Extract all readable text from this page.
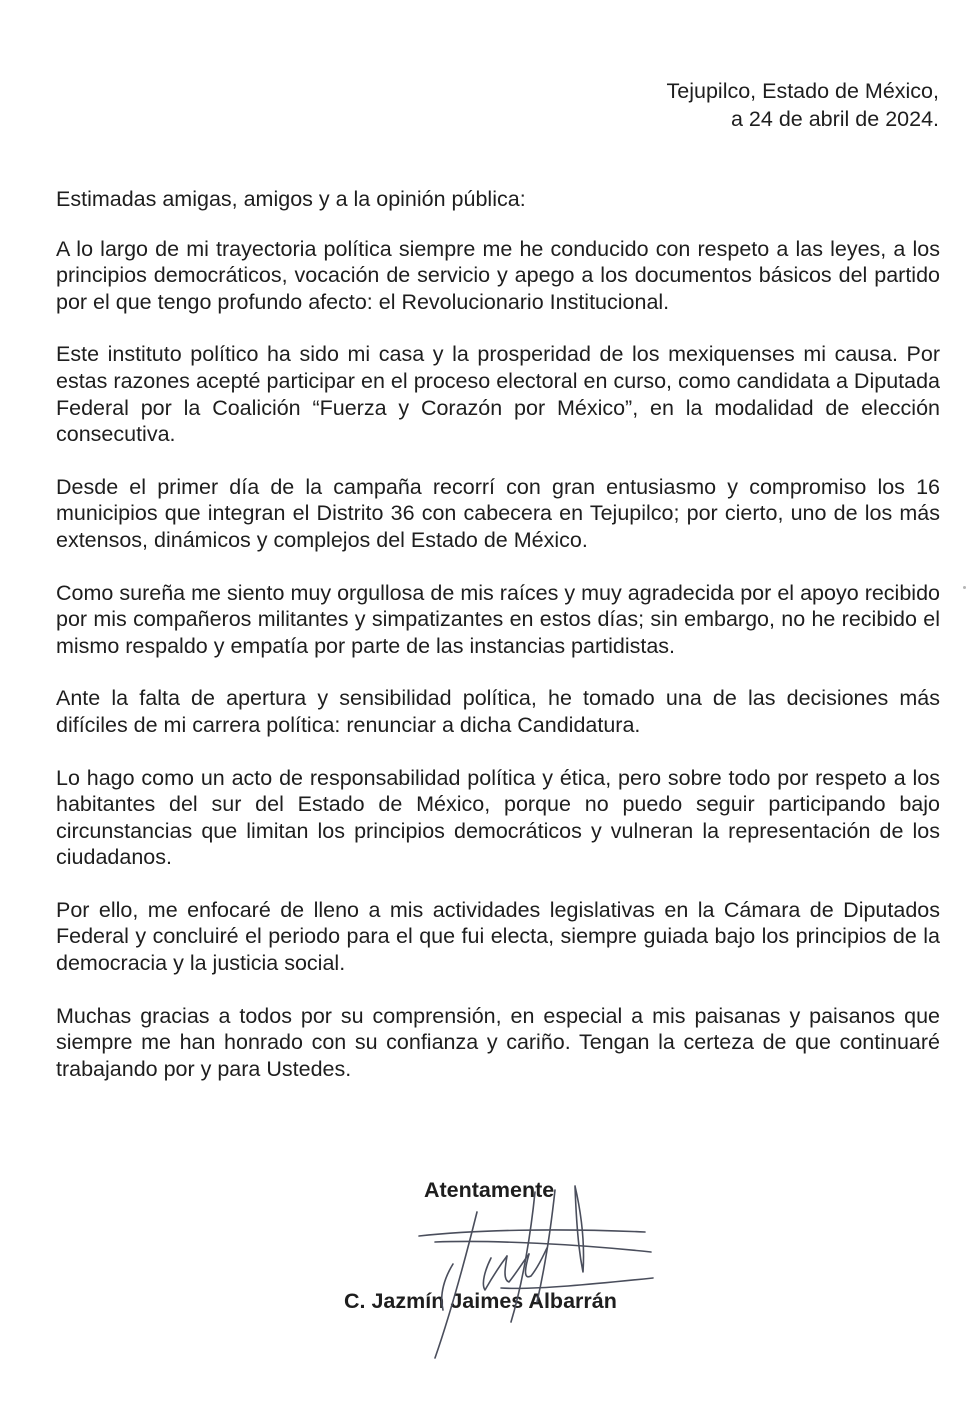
Tejupilco, Estado de México,
a 24 de abril de 2024.

Estimadas amigas, amigos y a la opinión pública:

A lo largo de mi trayectoria política siempre me he conducido con respeto a las leyes, a los principios democráticos, vocación de servicio y apego a los documentos básicos del partido por el que tengo profundo afecto: el Revolucionario Institucional.

Este instituto político ha sido mi casa y la prosperidad de los mexiquenses mi causa. Por estas razones acepté participar en el proceso electoral en curso, como candidata a Diputada Federal por la Coalición “Fuerza y Corazón por México”, en la modalidad de elección consecutiva.

Desde el primer día de la campaña recorrí con gran entusiasmo y compromiso los 16 municipios que integran el Distrito 36 con cabecera en Tejupilco; por cierto, uno de los más extensos, dinámicos y complejos del Estado de México.

Como sureña me siento muy orgullosa de mis raíces y muy agradecida por el apoyo recibido por mis compañeros militantes y simpatizantes en estos días; sin embargo, no he recibido el mismo respaldo y empatía por parte de las instancias partidistas.

Ante la falta de apertura y sensibilidad política, he tomado una de las decisiones más difíciles de mi carrera política: renunciar a dicha Candidatura.

Lo hago como un acto de responsabilidad política y ética, pero sobre todo por respeto a los habitantes del sur del Estado de México, porque no puedo seguir participando bajo circunstancias que limitan los principios democráticos y vulneran la representación de los ciudadanos.

Por ello, me enfocaré de lleno a mis actividades legislativas en la Cámara de Diputados Federal y concluiré el periodo para el que fui electa, siempre guiada bajo los principios de la democracia y la justicia social.

Muchas gracias a todos por su comprensión, en especial a mis paisanas y paisanos que siempre me han honrado con su confianza y cariño. Tengan la certeza de que continuaré trabajando por y para Ustedes.

Atentamente
C. Jazmín Jaimes Albarrán
